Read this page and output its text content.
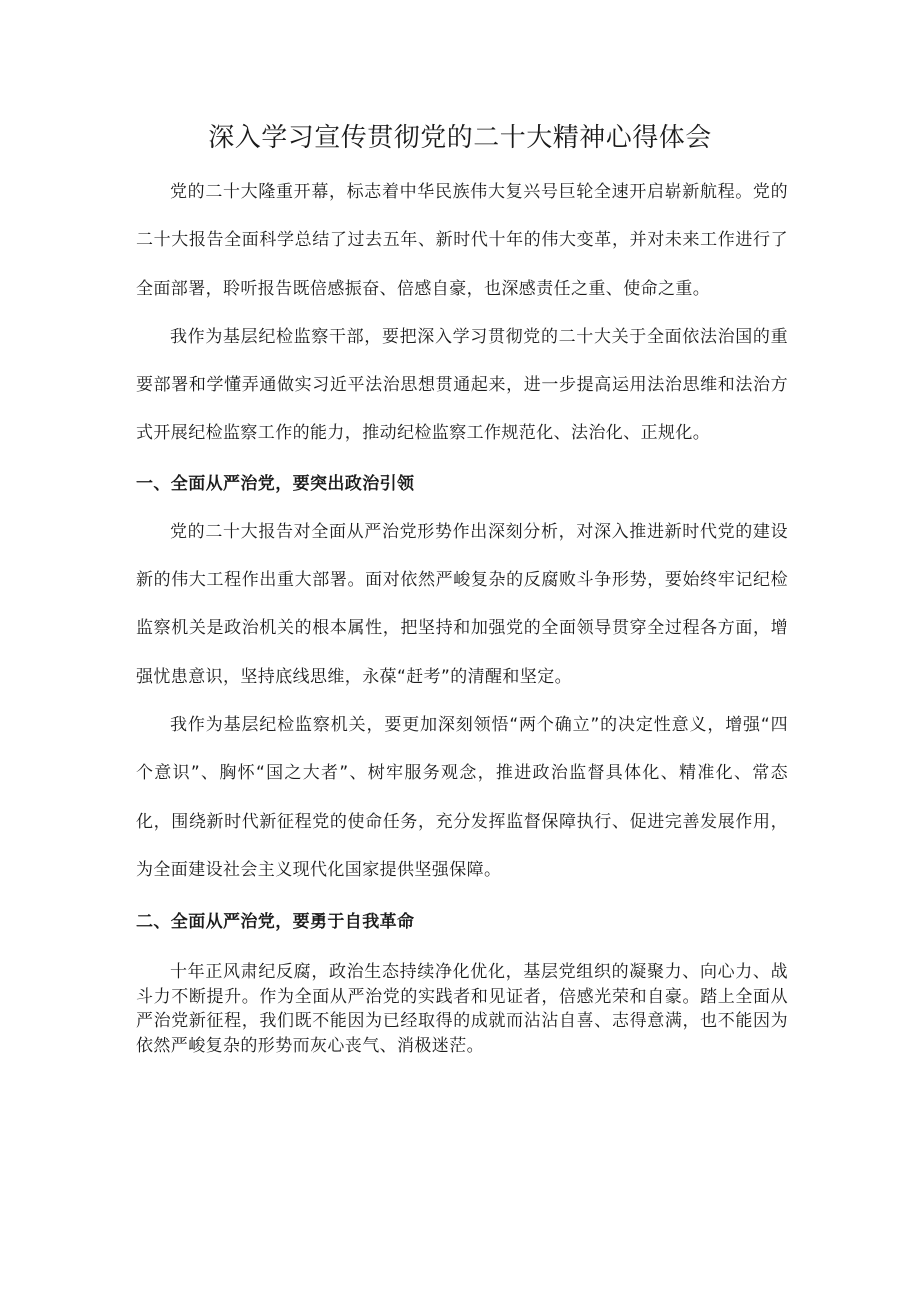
深入学习宣传贯彻党的二十大精神心得体会

党的二十大隆重开幕，标志着中华民族伟大复兴号巨轮全速开启崭新航程。党的二十大报告全面科学总结了过去五年、新时代十年的伟大变革，并对未来工作进行了全面部署，聆听报告既倍感振奋、倍感自豪，也深感责任之重、使命之重。

我作为基层纪检监察干部，要把深入学习贯彻党的二十大关于全面依法治国的重要部署和学懂弄通做实习近平法治思想贯通起来，进一步提高运用法治思维和法治方式开展纪检监察工作的能力，推动纪检监察工作规范化、法治化、正规化。

一、全面从严治党，要突出政治引领

党的二十大报告对全面从严治党形势作出深刻分析，对深入推进新时代党的建设新的伟大工程作出重大部署。面对依然严峻复杂的反腐败斗争形势，要始终牢记纪检监察机关是政治机关的根本属性，把坚持和加强党的全面领导贯穿全过程各方面，增强忧患意识，坚持底线思维，永葆“赶考”的清醒和坚定。

我作为基层纪检监察机关，要更加深刻领悟“两个确立”的决定性意义，增强“四个意识”、胸怀“国之大者”、树牢服务观念，推进政治监督具体化、精准化、常态化，围绕新时代新征程党的使命任务，充分发挥监督保障执行、促进完善发展作用，为全面建设社会主义现代化国家提供坚强保障。

二、全面从严治党，要勇于自我革命

十年正风肃纪反腐，政治生态持续净化优化，基层党组织的凝聚力、向心力、战斗力不断提升。作为全面从严治党的实践者和见证者，倍感光荣和自豪。踏上全面从严治党新征程，我们既不能因为已经取得的成就而沾沾自喜、志得意满，也不能因为依然严峻复杂的形势而灰心丧气、消极迷茫。
